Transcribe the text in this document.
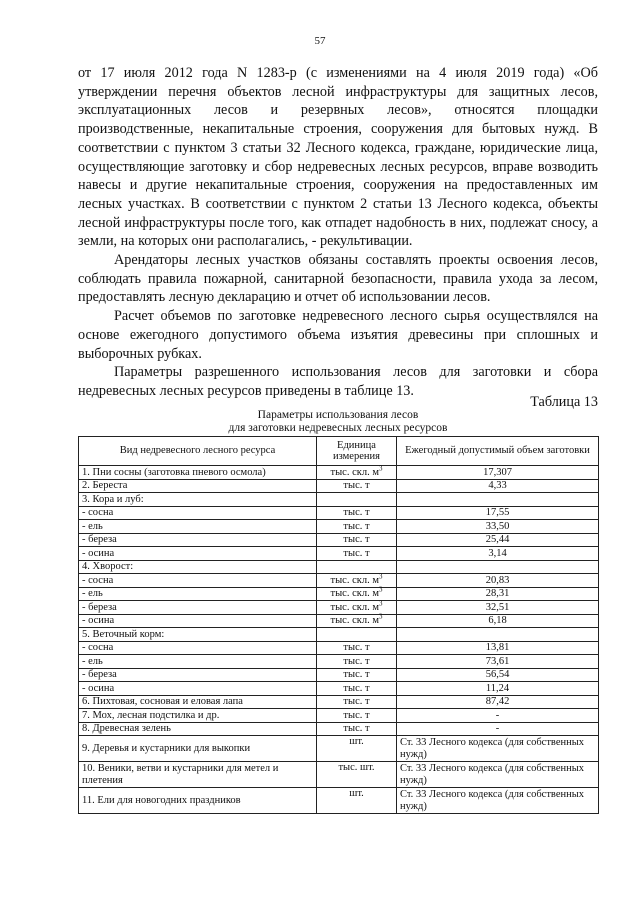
57

от 17 июля 2012 года N 1283-р (с изменениями на 4 июля 2019 года) «Об утверждении перечня объектов лесной инфраструктуры для защитных лесов, эксплуатационных лесов и резервных лесов», относятся площадки производственные, некапитальные строения, сооружения для бытовых нужд. В соответствии с пунктом 3 статьи 32 Лесного кодекса, граждане, юридические лица, осуществляющие заготовку и сбор недревесных лесных ресурсов, вправе возводить навесы и другие некапитальные строения, сооружения на предоставленных им лесных участках. В соответствии с пунктом 2 статьи 13 Лесного кодекса, объекты лесной инфраструктуры после того, как отпадет надобность в них, подлежат сносу, а земли, на которых они располагались, - рекультивации.

Арендаторы лесных участков обязаны составлять проекты освоения лесов, соблюдать правила пожарной, санитарной безопасности, правила ухода за лесом, предоставлять лесную декларацию и отчет об использовании лесов.

Расчет объемов по заготовке недревесного лесного сырья осуществлялся на основе ежегодного допустимого объема изъятия древесины при сплошных и выборочных рубках.

Параметры разрешенного использования лесов для заготовки и сбора недревесных лесных ресурсов приведены в таблице 13.

Таблица 13
Параметры использования лесов
для заготовки недревесных лесных ресурсов
Вид недревесного лесного ресурса	Единица измерения	Ежегодный допустимый объем заготовки
1. Пни сосны (заготовка пневого осмола)	тыс. скл. $м^3$	17,307
2. Береста	тыс. т	4,33
3. Кора и луб:		
- сосна	тыс. т	17,55
- ель	тыс. т	33,50
- береза	тыс. т	25,44
- осина	тыс. т	3,14
4. Хворост:		
- сосна	тыс. скл. $м^3$	20,83
- ель	тыс. скл. $м^3$	28,31
- береза	тыс. скл. $м^3$	32,51
- осина	тыс. скл. $м^3$	6,18
5. Веточный корм:		
- сосна	тыс. т	13,81
- ель	тыс. т	73,61
- береза	тыс. т	56,54
- осина	тыс. т	11,24
6. Пихтовая, сосновая и еловая лапа	тыс. т	87,42
7. Мох, лесная подстилка и др.	тыс. т	-
8. Древесная зелень	тыс. т	-
9. Деревья и кустарники для выкопки	шт.	Ст. 33 Лесного кодекса (для собственных нужд)
10. Веники, ветви и кустарники для метел и плетения	тыс. шт.	Ст. 33 Лесного кодекса (для собственных нужд)
11. Ели для новогодних праздников	шт.	Ст. 33 Лесного кодекса (для собственных нужд)
